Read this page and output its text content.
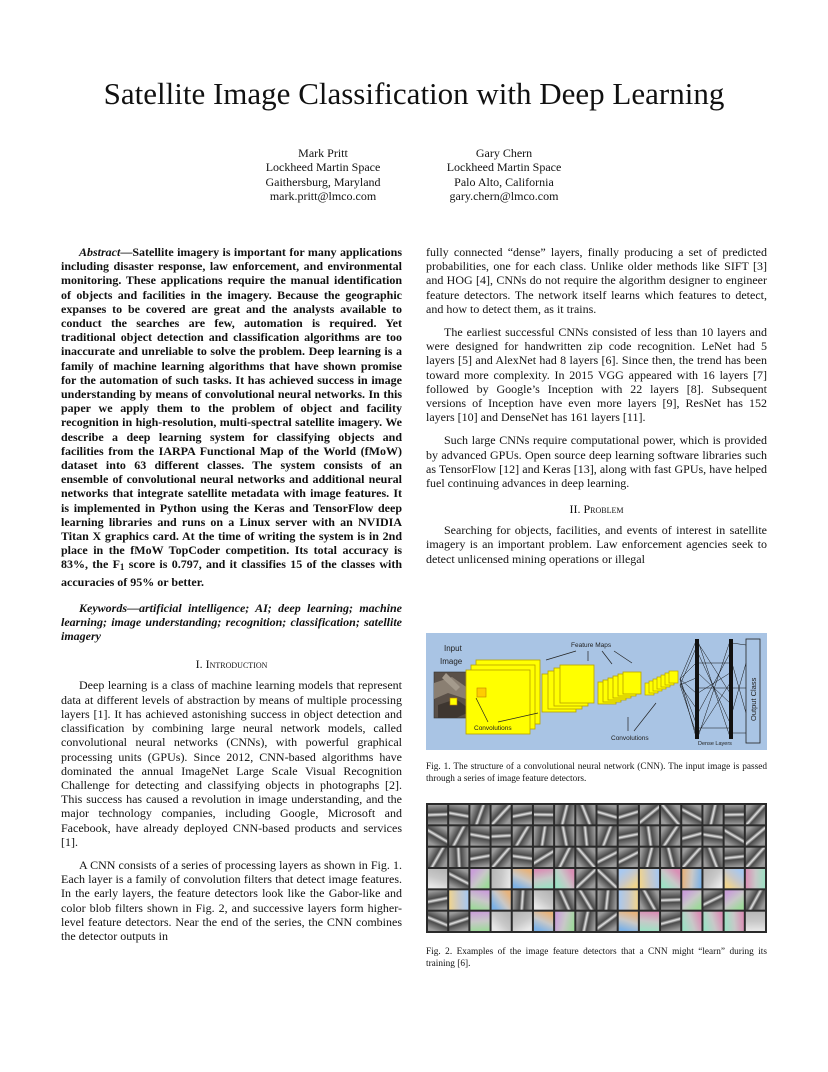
Satellite Image Classification with Deep Learning
Mark Pritt
Lockheed Martin Space
Gaithersburg, Maryland
mark.pritt@lmco.com
Gary Chern
Lockheed Martin Space
Palo Alto, California
gary.chern@lmco.com

Abstract—Satellite imagery is important for many applications including disaster response, law enforcement, and environmental monitoring. These applications require the manual identification of objects and facilities in the imagery. Because the geographic expanses to be covered are great and the analysts available to conduct the searches are few, automation is required. Yet traditional object detection and classification algorithms are too inaccurate and unreliable to solve the problem. Deep learning is a family of machine learning algorithms that have shown promise for the automation of such tasks. It has achieved success in image understanding by means of convolutional neural networks. In this paper we apply them to the problem of object and facility recognition in high-resolution, multi-spectral satellite imagery. We describe a deep learning system for classifying objects and facilities from the IARPA Functional Map of the World (fMoW) dataset into 63 different classes. The system consists of an ensemble of convolutional neural networks and additional neural networks that integrate satellite metadata with image features. It is implemented in Python using the Keras and TensorFlow deep learning libraries and runs on a Linux server with an NVIDIA Titan X graphics card. At the time of writing the system is in 2nd place in the fMoW TopCoder competition. Its total accuracy is 83%, the $F_1$ score is 0.797, and it classifies 15 of the classes with accuracies of 95% or better.

Keywords—artificial intelligence; AI; deep learning; machine learning; image understanding; recognition; classification; satellite imagery

I. Introduction

Deep learning is a class of machine learning models that represent data at different levels of abstraction by means of multiple processing layers [1]. It has achieved astonishing success in object detection and classification by combining large neural network models, called convolutional neural networks (CNNs), with powerful graphical processing units (GPUs). Since 2012, CNN-based algorithms have dominated the annual ImageNet Large Scale Visual Recognition Challenge for detecting and classifying objects in photographs [2]. This success has caused a revolution in image understanding, and the major technology companies, including Google, Microsoft and Facebook, have already deployed CNN-based products and services [1].

A CNN consists of a series of processing layers as shown in Fig. 1. Each layer is a family of convolution filters that detect image features. In the early layers, the feature detectors look like the Gabor-like and color blob filters shown in Fig. 2, and successive layers form higher-level feature detectors. Near the end of the series, the CNN combines the detector outputs in

fully connected “dense” layers, finally producing a set of predicted probabilities, one for each class. Unlike older methods like SIFT [3] and HOG [4], CNNs do not require the algorithm designer to engineer feature detectors. The network itself learns which features to detect, and how to detect them, as it trains.

The earliest successful CNNs consisted of less than 10 layers and were designed for handwritten zip code recognition. LeNet had 5 layers [5] and AlexNet had 8 layers [6]. Since then, the trend has been toward more complexity. In 2015 VGG appeared with 16 layers [7] followed by Google’s Inception with 22 layers [8]. Subsequent versions of Inception have even more layers [9], ResNet has 152 layers [10] and DenseNet has 161 layers [11].

Such large CNNs require computational power, which is provided by advanced GPUs. Open source deep learning software libraries such as TensorFlow [12] and Keras [13], along with fast GPUs, have helped fuel continuing advances in deep learning.

II. Problem

Searching for objects, facilities, and events of interest in satellite imagery is an important problem. Law enforcement agencies seek to detect unlicensed mining operations or illegal

Input
Image
Output Class
Feature Maps
Convolutions
Convolutions
Dense Layers
Fig. 1. The structure of a convolutional neural network (CNN). The input image is passed through a series of image feature detectors.
Fig. 2. Examples of the image feature detectors that a CNN might “learn” during its training [6].
